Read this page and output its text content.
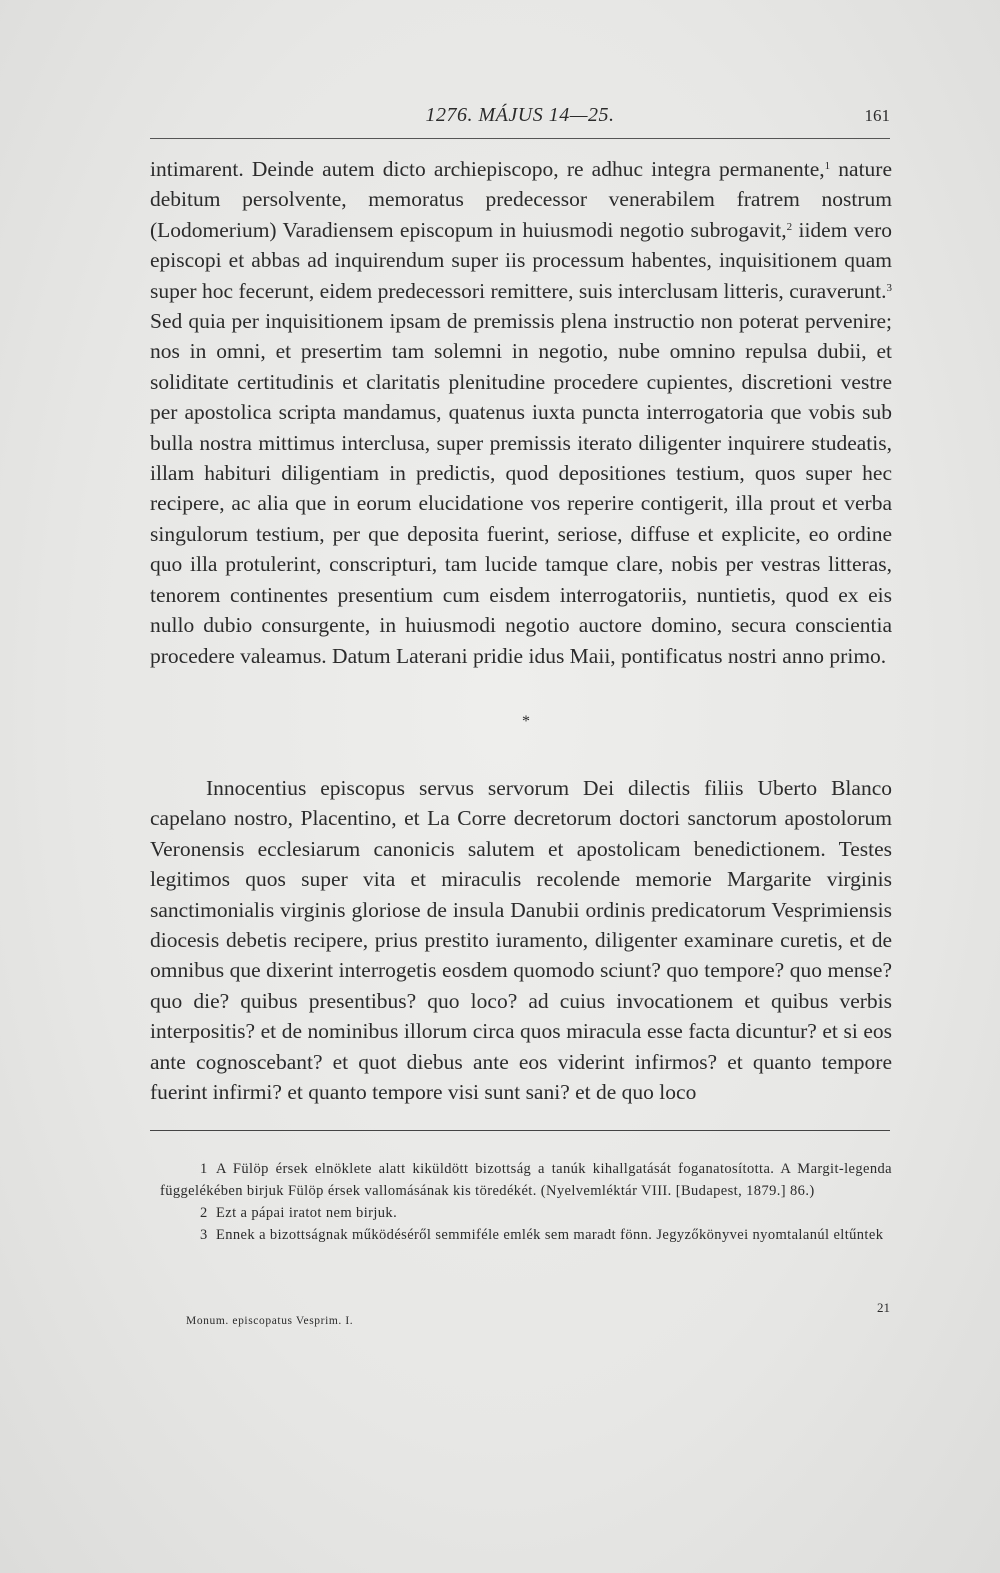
1276. MÁJUS 14—25.	161
intimarent. Deinde autem dicto archiepiscopo, re adhuc integra permanente,$^1$ nature debitum persolvente, memoratus predecessor venerabilem fratrem nostrum (Lodomerium) Varadiensem episcopum in huiusmodi negotio subrogavit,$^2$ iidem vero episcopi et abbas ad inquirendum super iis processum habentes, inquisitionem quam super hoc fecerunt, eidem predecessori remittere, suis interclusam litteris, curaverunt.$^3$ Sed quia per inquisitionem ipsam de premissis plena instructio non poterat pervenire; nos in omni, et presertim tam solemni in negotio, nube omnino repulsa dubii, et soliditate certitudinis et claritatis plenitudine procedere cupientes, discretioni vestre per apostolica scripta mandamus, quatenus iuxta puncta interrogatoria que vobis sub bulla nostra mittimus interclusa, super premissis iterato diligenter inquirere studeatis, illam habituri diligentiam in predictis, quod depositiones testium, quos super hec recipere, ac alia que in eorum elucidatione vos reperire contigerit, illa prout et verba singulorum testium, per que deposita fuerint, seriose, diffuse et explicite, eo ordine quo illa protulerint, conscripturi, tam lucide tamque clare, nobis per vestras litteras, tenorem continentes presentium cum eisdem interrogatoriis, nuntietis, quod ex eis nullo dubio consurgente, in huiusmodi negotio auctore domino, secura conscientia procedere valeamus. Datum Laterani pridie idus Maii, pontificatus nostri anno primo.
*
Innocentius episcopus servus servorum Dei dilectis filiis Uberto Blanco capelano nostro, Placentino, et La Corre decretorum doctori sanctorum apostolorum Veronensis ecclesiarum canonicis salutem et apostolicam benedictionem. Testes legitimos quos super vita et miraculis recolende memorie Margarite virginis sanctimonialis virginis gloriose de insula Danubii ordinis predicatorum Vesprimiensis diocesis debetis recipere, prius prestito iuramento, diligenter examinare curetis, et de omnibus que dixerint interrogetis eosdem quomodo sciunt? quo tempore? quo mense? quo die? quibus presentibus? quo loco? ad cuius invocationem et quibus verbis interpositis? et de nominibus illorum circa quos miracula esse facta dicuntur? et si eos ante cognoscebant? et quot diebus ante eos viderint infirmos? et quanto tempore fuerint infirmi? et quanto tempore visi sunt sani? et de quo loco

1 A Fülöp érsek elnöklete alatt kiküldött bizottság a tanúk kihallgatását foganatosította. A Margit-legenda függelékében birjuk Fülöp érsek vallomásának kis töredékét. (Nyelvemléktár VIII. [Budapest, 1879.] 86.)

2 Ezt a pápai iratot nem birjuk.

3 Ennek a bizottságnak működéséről semmiféle emlék sem maradt fönn. Jegyzőkönyvei nyomtalanúl eltűntek

21
Monum. episcopatus Vesprim. I.
